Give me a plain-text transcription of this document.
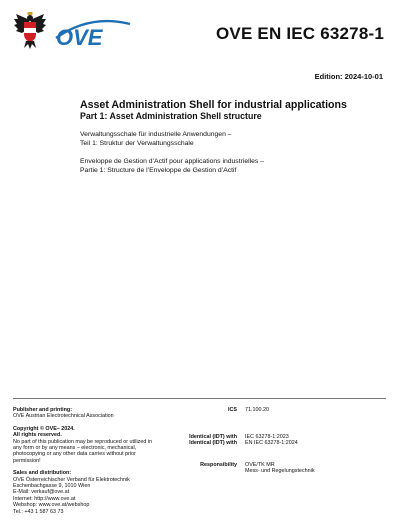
OVE	OVE EN IEC 63278-1
Edition: 2024-10-01

Asset Administration Shell for industrial applications

Part 1: Asset Administration Shell structure

Verwaltungsschale für industrielle Anwendungen –
Teil 1: Struktur der Verwaltungsschale
Enveloppe de Gestion d’Actif pour applications industrielles –
Partie 1: Structure de l’Enveloppe de Gestion d’Actif
Publisher and printing:
OVE Austrian Electrotechnical Association
Copyright © OVE– 2024.
All rights reserved.
No part of this publication may be reproduced or utilized in
any form or by any means – electronic, mechanical,
photocopying or any other data carries without prior
permission!
Sales and distribution:
OVE Österreichischer Verband für Elektrotechnik
Eschenbachgasse 9, 1010 Wien
E-Mail: verkauf@ove.at
Internet: http://www.ove.at
Webshop: www.ove.at/webshop
Tel.: +43 1 587 63 73
ICS 71.100.20
Identical (IDT) with
Identical (IDT) with
IEC 63278-1:2023
EN IEC 63278-1:2024
Responsibility OVE/TK MR
Mess- und Regelungstechnik
